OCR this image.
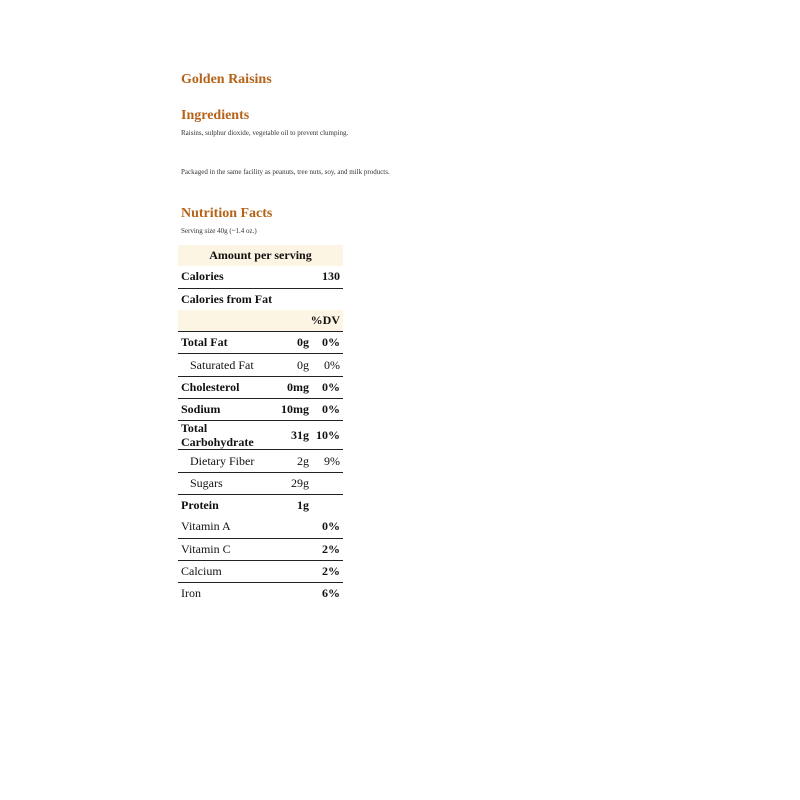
Golden Raisins
Ingredients

Raisins, sulphur dioxide, vegetable oil to prevent clumping.

Packaged in the same facility as peanuts, tree nuts, soy, and milk products.

Nutrition Facts

Serving size 40g (~1.4 oz.)

Amount per serving		
Calories		130
Calories from Fat		
	%DV	
Total Fat	0g	0%
Saturated Fat	0g	0%
Cholesterol	0mg	0%
Sodium	10mg	0%
Total Carbohydrate	31g	10%
Dietary Fiber	2g	9%
Sugars	29g	
Protein	1g	
Vitamin A		0%
Vitamin C		2%
Calcium		2%
Iron		6%
